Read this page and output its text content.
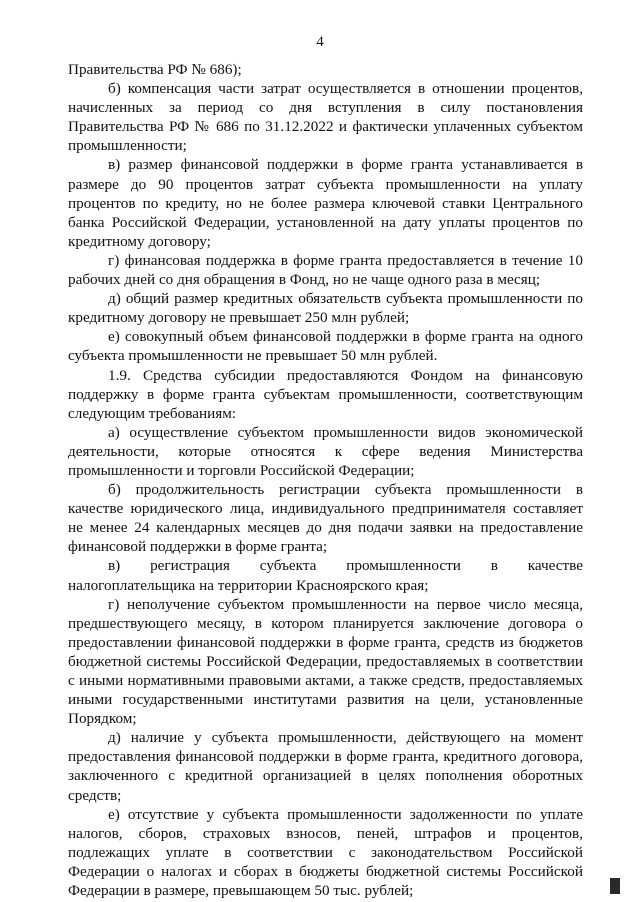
4

Правительства РФ № 686);

б) компенсация части затрат осуществляется в отношении процентов, начисленных за период со дня вступления в силу постановления Правительства РФ № 686 по 31.12.2022 и фактически уплаченных субъектом промышленности;

в) размер финансовой поддержки в форме гранта устанавливается в размере до 90 процентов затрат субъекта промышленности на уплату процентов по кредиту, но не более размера ключевой ставки Центрального банка Российской Федерации, установленной на дату уплаты процентов по кредитному договору;

г) финансовая поддержка в форме гранта предоставляется в течение 10 рабочих дней со дня обращения в Фонд, но не чаще одного раза в месяц;

д) общий размер кредитных обязательств субъекта промышленности по кредитному договору не превышает 250 млн рублей;

е) совокупный объем финансовой поддержки в форме гранта на одного субъекта промышленности не превышает 50 млн рублей.

1.9. Средства субсидии предоставляются Фондом на финансовую поддержку в форме гранта субъектам промышленности, соответствующим следующим требованиям:

а) осуществление субъектом промышленности видов экономической деятельности, которые относятся к сфере ведения Министерства промышленности и торговли Российской Федерации;

б) продолжительность регистрации субъекта промышленности в качестве юридического лица, индивидуального предпринимателя составляет не менее 24 календарных месяцев до дня подачи заявки на предоставление финансовой поддержки в форме гранта;

в) регистрация субъекта промышленности в качестве налогоплательщика на территории Красноярского края;

г) неполучение субъектом промышленности на первое число месяца, предшествующего месяцу, в котором планируется заключение договора о предоставлении финансовой поддержки в форме гранта, средств из бюджетов бюджетной системы Российской Федерации, предоставляемых в соответствии с иными нормативными правовыми актами, а также средств, предоставляемых иными государственными институтами развития на цели, установленные Порядком;

д) наличие у субъекта промышленности, действующего на момент предоставления финансовой поддержки в форме гранта, кредитного договора, заключенного с кредитной организацией в целях пополнения оборотных средств;

е) отсутствие у субъекта промышленности задолженности по уплате налогов, сборов, страховых взносов, пеней, штрафов и процентов, подлежащих уплате в соответствии с законодательством Российской Федерации о налогах и сборах в бюджеты бюджетной системы Российской Федерации в размере, превышающем 50 тыс. рублей;
